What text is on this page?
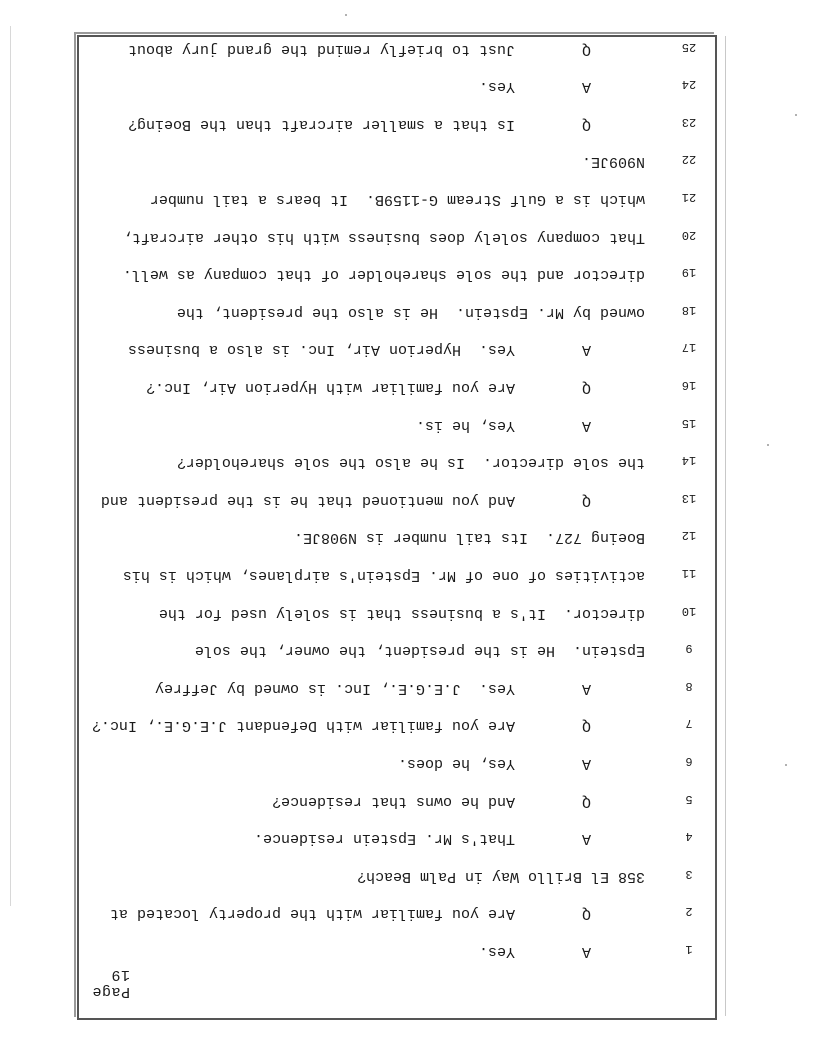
Page 19
1
A
Yes.
2
Q
Are you familiar with the property located at
3
358 El Brillo Way in Palm Beach?
4
A
That's Mr. Epstein residence.
5
Q
And he owns that residence?
6
A
Yes, he does.
7
Q
Are you familiar with Defendant J.E.G.E., Inc.?
8
A
Yes.  J.E.G.E., Inc. is owned by Jeffrey
9
Epstein.  He is the president, the owner, the sole
10
director.  It's a business that is solely used for the
11
activities of one of Mr. Epstein's airplanes, which is his
12
Boeing 727.  Its tail number is N908JE.
13
Q
And you mentioned that he is the president and
14
the sole director.  Is he also the sole shareholder?
15
A
Yes, he is.
16
Q
Are you familiar with Hyperion Air, Inc.?
17
A
Yes.  Hyperion Air, Inc. is also a business
18
owned by Mr. Epstein.  He is also the president, the
19
director and the sole shareholder of that company as well.
20
That company solely does business with his other aircraft,
21
which is a Gulf Stream G-1159B.  It bears a tail number
22
N909JE.
23
Q
Is that a smaller aircraft than the Boeing?
24
A
Yes.
25
Q
Just to briefly remind the grand jury about
